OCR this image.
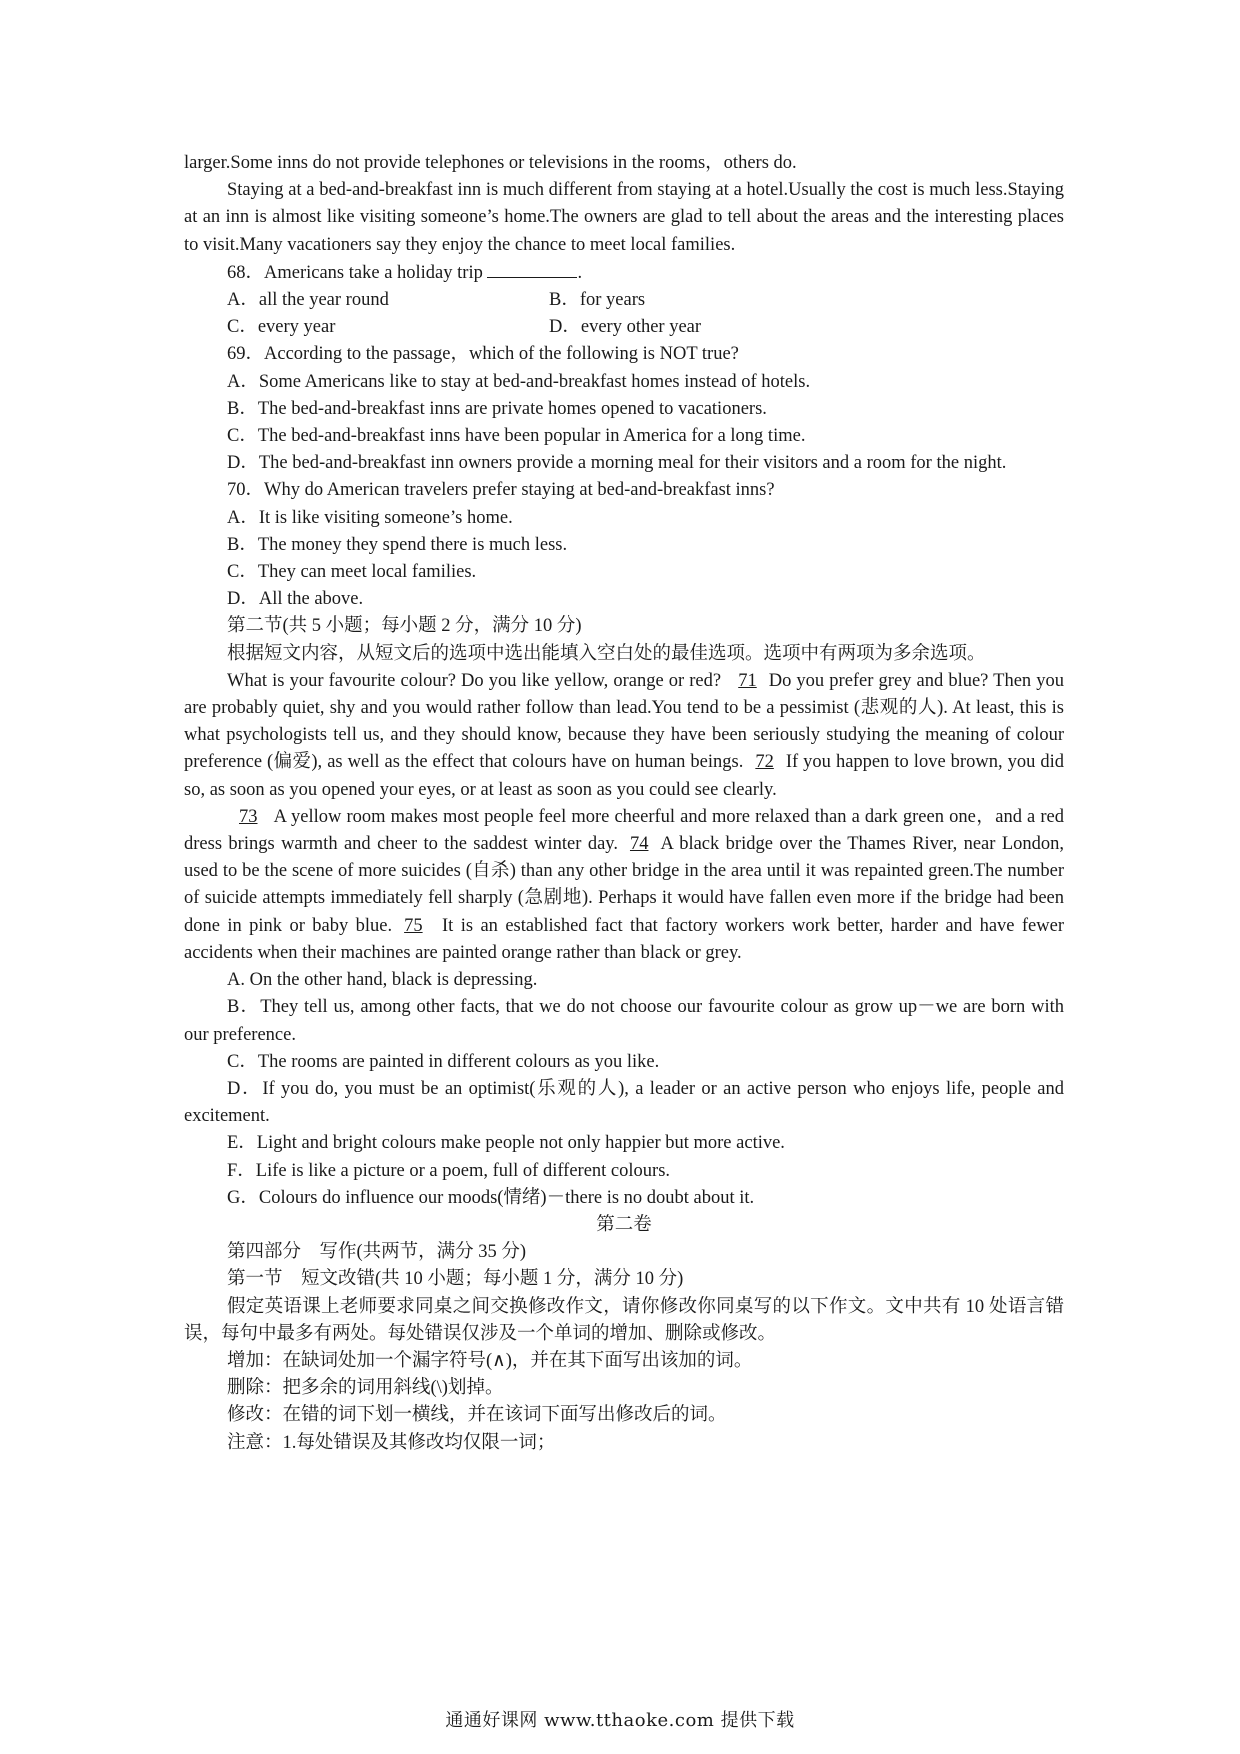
larger.Some inns do not provide telephones or televisions in the rooms，others do.

Staying at a bed-and-breakfast inn is much different from staying at a hotel.Usually the cost is much less.Staying at an inn is almost like visiting someone’s home.The owners are glad to tell about the areas and the interesting places to visit.Many vacationers say they enjoy the chance to meet local families.

68．Americans take a holiday trip	.

A．all the year round	B．for years
C．every year	D．every other year

69．According to the passage，which of the following is NOT true?

A．Some Americans like to stay at bed-and-breakfast homes instead of hotels.

B．The bed-and-breakfast inns are private homes opened to vacationers.

C．The bed-and-breakfast inns have been popular in America for a long time.

D．The bed-and-breakfast inn owners provide a morning meal for their visitors and a room for the night.

70．Why do American travelers prefer staying at bed-and-breakfast inns?

A．It is like visiting someone’s home.

B．The money they spend there is much less.

C．They can meet local families.

D．All the above.

第二节(共 5 小题；每小题 2 分，满分 10 分)

根据短文内容，从短文后的选项中选出能填入空白处的最佳选项。选项中有两项为多余选项。

What is your favourite colour? Do you like yellow, orange or red? 71 Do you prefer grey and blue? Then you are probably quiet, shy and you would rather follow than lead.You tend to be a pessimist (悲观的人). At least, this is what psychologists tell us, and they should know, because they have been seriously studying the meaning of colour preference (偏爱), as well as the effect that colours have on human beings. 72 If you happen to love brown, you did so, as soon as you opened your eyes, or at least as soon as you could see clearly.

73 A yellow room makes most people feel more cheerful and more relaxed than a dark green one，and a red dress brings warmth and cheer to the saddest winter day. 74 A black bridge over the Thames River, near London, used to be the scene of more suicides (自杀) than any other bridge in the area until it was repainted green.The number of suicide attempts immediately fell sharply (急剧地). Perhaps it would have fallen even more if the bridge had been done in pink or baby blue. 75 It is an established fact that factory workers work better, harder and have fewer accidents when their machines are painted orange rather than black or grey.

A. On the other hand, black is depressing.

B．They tell us, among other facts, that we do not choose our favourite colour as grow up－we are born with our preference.

C．The rooms are painted in different colours as you like.

D．If you do, you must be an optimist(乐观的人), a leader or an active person who enjoys life, people and excitement.

E．Light and bright colours make people not only happier but more active.

F．Life is like a picture or a poem, full of different colours.

G．Colours do influence our moods(情绪)－there is no doubt about it.

第二卷

第四部分　写作(共两节，满分 35 分)

第一节　短文改错(共 10 小题；每小题 1 分，满分 10 分)

假定英语课上老师要求同桌之间交换修改作文，请你修改你同桌写的以下作文。文中共有 10 处语言错误，每句中最多有两处。每处错误仅涉及一个单词的增加、删除或修改。

增加：在缺词处加一个漏字符号(∧)，并在其下面写出该加的词。

删除：把多余的词用斜线(\)划掉。

修改：在错的词下划一横线，并在该词下面写出修改后的词。

注意：1.每处错误及其修改均仅限一词；

通通好课网 www.tthaoke.com 提供下载
